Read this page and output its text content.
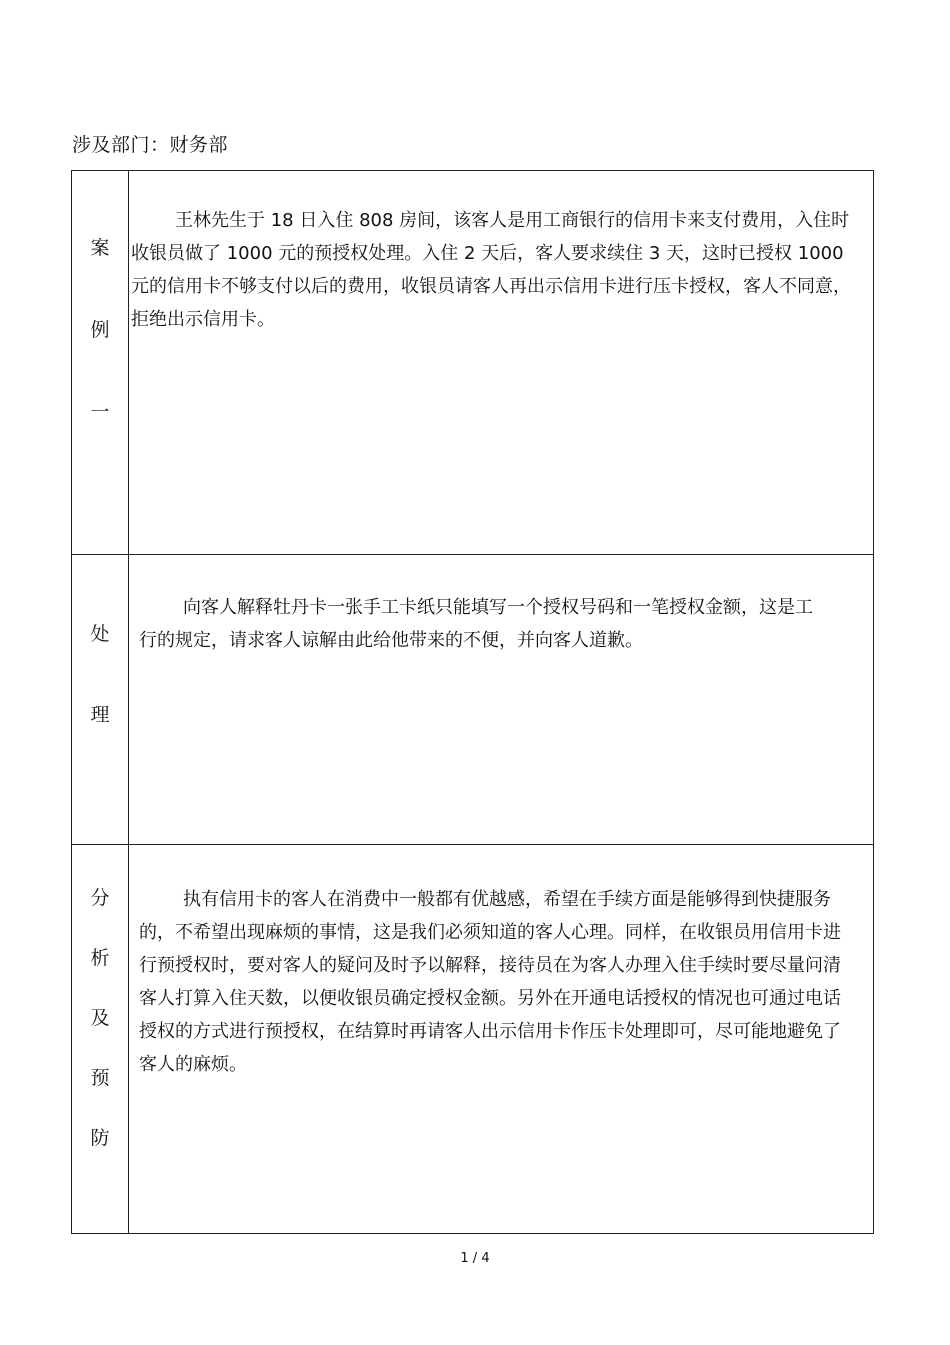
涉及部门：财务部
案
例
一	王林先生于 18 日入住 808 房间，该客人是用工商银行的信用卡来支付费用，入住时收银员做了 1000 元的预授权处理。入住 2 天后，客人要求续住 3 天，这时已授权 1000 元的信用卡不够支付以后的费用，收银员请客人再出示信用卡进行压卡授权，客人不同意，拒绝出示信用卡。

处
理	向客人解释牡丹卡一张手工卡纸只能填写一个授权号码和一笔授权金额，这是工行的规定，请求客人谅解由此给他带来的不便，并向客人道歉。

分
析
及
预
防	执有信用卡的客人在消费中一般都有优越感，希望在手续方面是能够得到快捷服务的，不希望出现麻烦的事情，这是我们必须知道的客人心理。同样，在收银员用信用卡进行预授权时，要对客人的疑问及时予以解释，接待员在为客人办理入住手续时要尽量问清客人打算入住天数，以便收银员确定授权金额。另外在开通电话授权的情况也可通过电话授权的方式进行预授权，在结算时再请客人出示信用卡作压卡处理即可，尽可能地避免了客人的麻烦。

1 / 4
